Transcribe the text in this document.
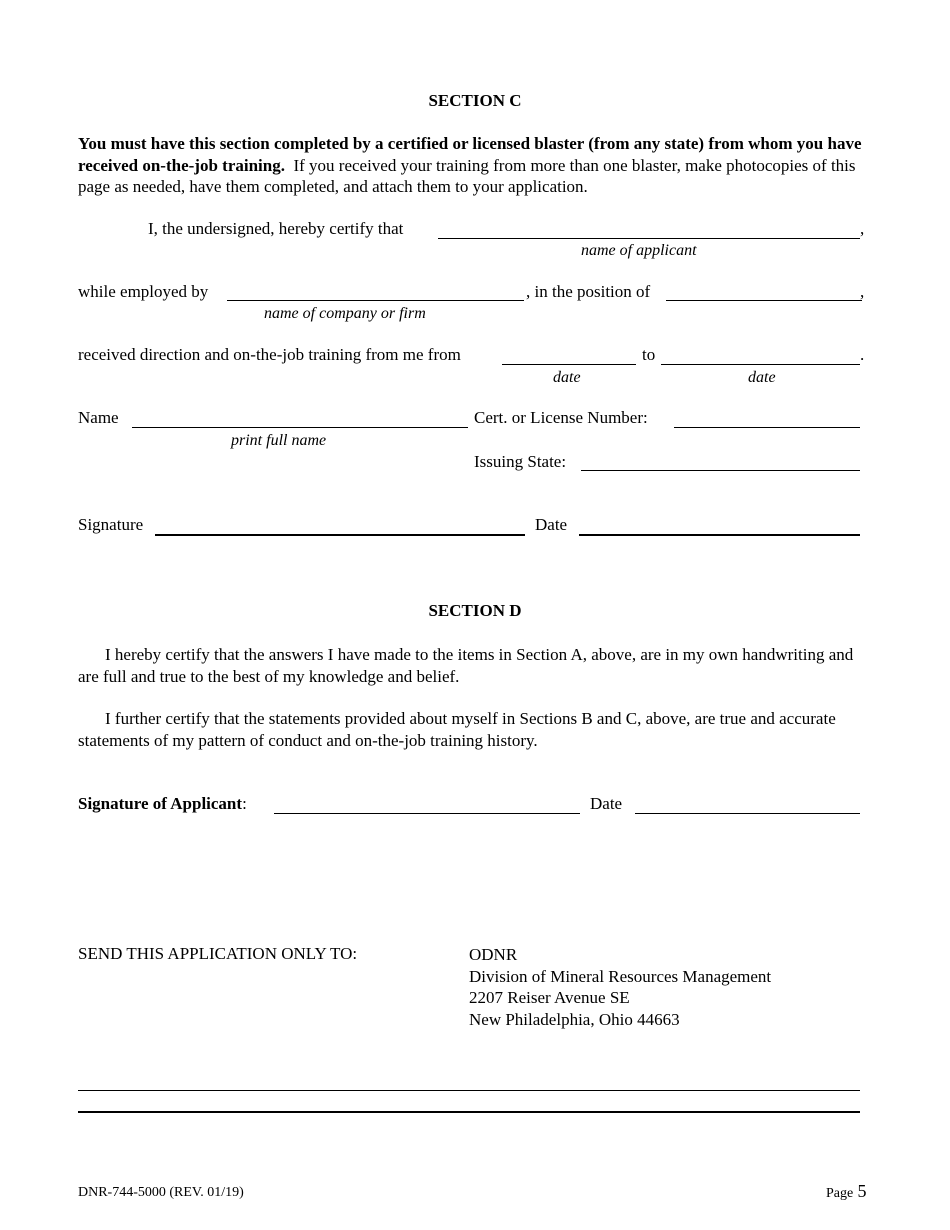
SECTION C
You must have this section completed by a certified or licensed blaster (from any state) from whom you have received on-the-job training. If you received your training from more than one blaster, make photocopies of this page as needed, have them completed, and attach them to your application.
I, the undersigned, hereby certify that	,
name of applicant
while employed by	, in the position of	,
name of company or firm
received direction and on-the-job training from me from	to	.
date	date
Name	Cert. or License Number:
print full name
Issuing State:
Signature	Date
SECTION D
I hereby certify that the answers I have made to the items in Section A, above, are in my own handwriting and are full and true to the best of my knowledge and belief.
I further certify that the statements provided about myself in Sections B and C, above, are true and accurate statements of my pattern of conduct and on-the-job training history.
Signature of Applicant:	Date
SEND THIS APPLICATION ONLY TO:	ODNR
Division of Mineral Resources Management
2207 Reiser Avenue SE
New Philadelphia, Ohio 44663
DNR-744-5000 (REV. 01/19)	Page 5
